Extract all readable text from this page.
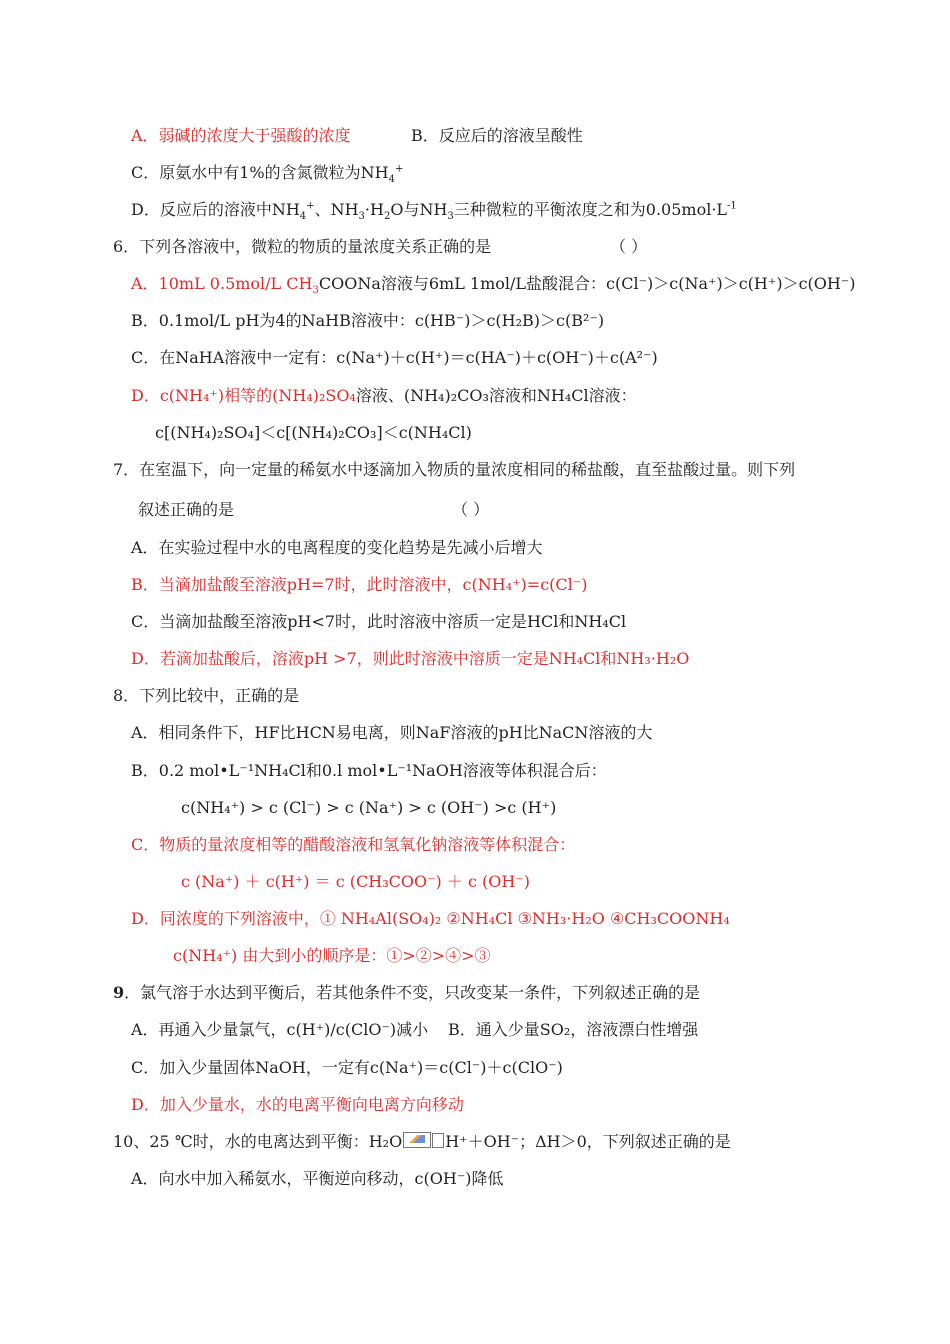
A．弱碱的浓度大于强酸的浓度	B．反应后的溶液呈酸性
C．原氨水中有1%的含氮微粒为$NH_4^+$
D．反应后的溶液中$NH_4^+$、$NH_3\cdot H_2O$与$NH_3$三种微粒的平衡浓度之和为$0.05mol\cdot L^{-1}$
6．下列各溶液中，微粒的物质的量浓度关系正确的是	（ ）
A．10mL 0.5mol/L $CH_3COONa$溶液与6mL 1mol/L盐酸混合：c(Cl⁻)＞c(Na⁺)＞c(H⁺)＞c(OH⁻)
B．0.1mol/L pH为4的NaHB溶液中：c(HB⁻)＞c(H₂B)＞c(B²⁻)
C．在NaHA溶液中一定有：c(Na⁺)＋c(H⁺)＝c(HA⁻)＋c(OH⁻)＋c(A²⁻)
D．c(NH₄⁺)相等的(NH₄)₂SO₄溶液、(NH₄)₂CO₃溶液和NH₄Cl溶液：
c[(NH₄)₂SO₄]＜c[(NH₄)₂CO₃]＜c(NH₄Cl)
7．在室温下，向一定量的稀氨水中逐滴加入物质的量浓度相同的稀盐酸，直至盐酸过量。则下列
叙述正确的是	（ ）
A．在实验过程中水的电离程度的变化趋势是先减小后增大
B．当滴加盐酸至溶液pH=7时，此时溶液中，c(NH₄⁺)=c(Cl⁻)
C．当滴加盐酸至溶液pH<7时，此时溶液中溶质一定是HCl和NH₄Cl
D．若滴加盐酸后，溶液pH >7，则此时溶液中溶质一定是NH₄Cl和NH₃·H₂O
8．下列比较中，正确的是
A．相同条件下，HF比HCN易电离，则NaF溶液的pH比NaCN溶液的大
B．0.2 mol•L⁻¹NH₄Cl和0.l mol•L⁻¹NaOH溶液等体积混合后：
c(NH₄⁺) > c (Cl⁻) > c (Na⁺) > c (OH⁻) >c (H⁺)
C．物质的量浓度相等的醋酸溶液和氢氧化钠溶液等体积混合：
c (Na⁺) ＋ c(H⁺) ＝ c (CH₃COO⁻) ＋ c (OH⁻)
D．同浓度的下列溶液中，① NH₄Al(SO₄)₂ ②NH₄Cl ③NH₃·H₂O ④CH₃COONH₄
c(NH₄⁺) 由大到小的顺序是：①>②>④>③
9．氯气溶于水达到平衡后，若其他条件不变，只改变某一条件，下列叙述正确的是
A．再通入少量氯气，c(H⁺)/c(ClO⁻)减小 B．通入少量SO₂，溶液漂白性增强
C．加入少量固体NaOH，一定有c(Na⁺)＝c(Cl⁻)＋c(ClO⁻)
D．加入少量水，水的电离平衡向电离方向移动
10、25 ℃时，水的电离达到平衡：H₂O	H⁺＋OH⁻；ΔH＞0，下列叙述正确的是
A．向水中加入稀氨水，平衡逆向移动，c(OH⁻)降低
